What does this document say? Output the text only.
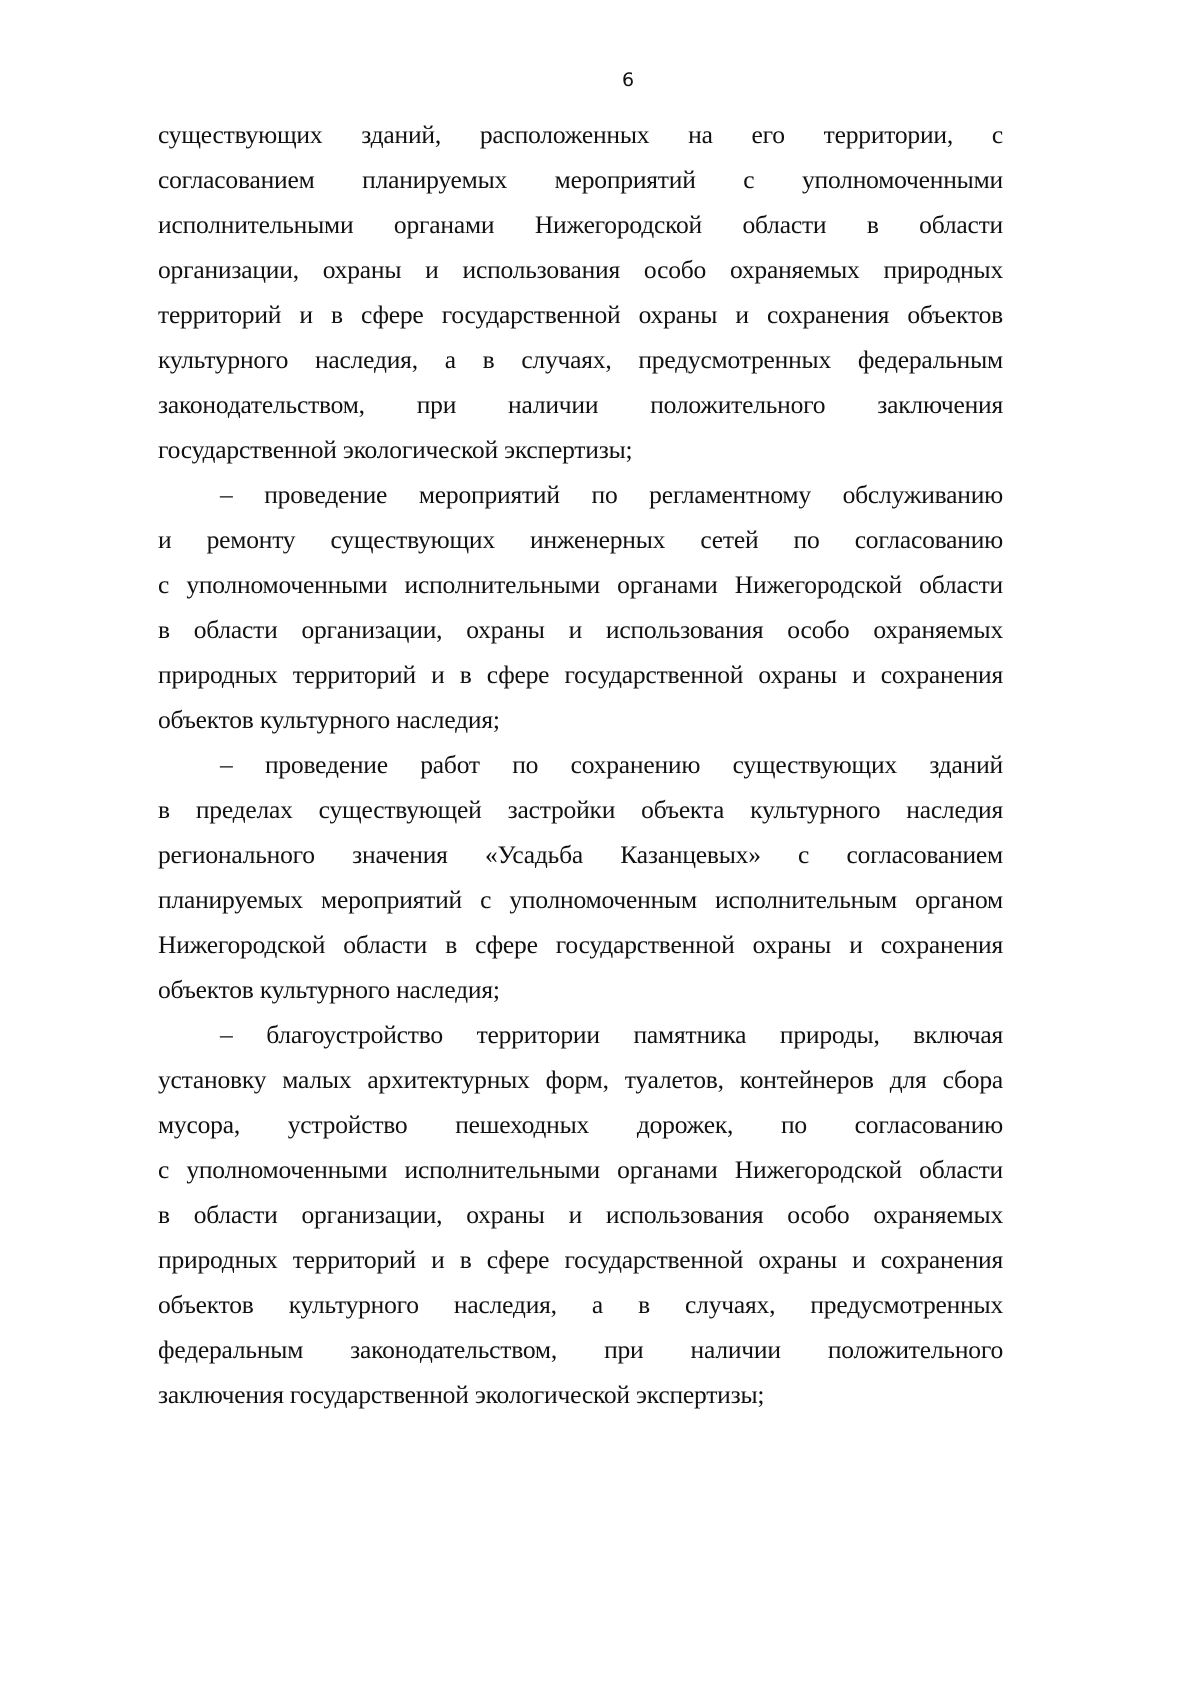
6
существующих зданий, расположенных на его территории, с
согласованием планируемых мероприятий с уполномоченными
исполнительными органами Нижегородской области в области
организации, охраны и использования особо охраняемых природных
территорий и в сфере государственной охраны и сохранения объектов
культурного наследия, а в случаях, предусмотренных федеральным
законодательством, при наличии положительного заключения
государственной экологической экспертизы;
– проведение мероприятий по регламентному обслуживанию
и ремонту существующих инженерных сетей по согласованию
с уполномоченными исполнительными органами Нижегородской области
в области организации, охраны и использования особо охраняемых
природных территорий и в сфере государственной охраны и сохранения
объектов культурного наследия;
– проведение работ по сохранению существующих зданий
в пределах существующей застройки объекта культурного наследия
регионального значения «Усадьба Казанцевых» с согласованием
планируемых мероприятий с уполномоченным исполнительным органом
Нижегородской области в сфере государственной охраны и сохранения
объектов культурного наследия;
– благоустройство территории памятника природы, включая
установку малых архитектурных форм, туалетов, контейнеров для сбора
мусора, устройство пешеходных дорожек, по согласованию
с уполномоченными исполнительными органами Нижегородской области
в области организации, охраны и использования особо охраняемых
природных территорий и в сфере государственной охраны и сохранения
объектов культурного наследия, а в случаях, предусмотренных
федеральным законодательством, при наличии положительного
заключения государственной экологической экспертизы;
